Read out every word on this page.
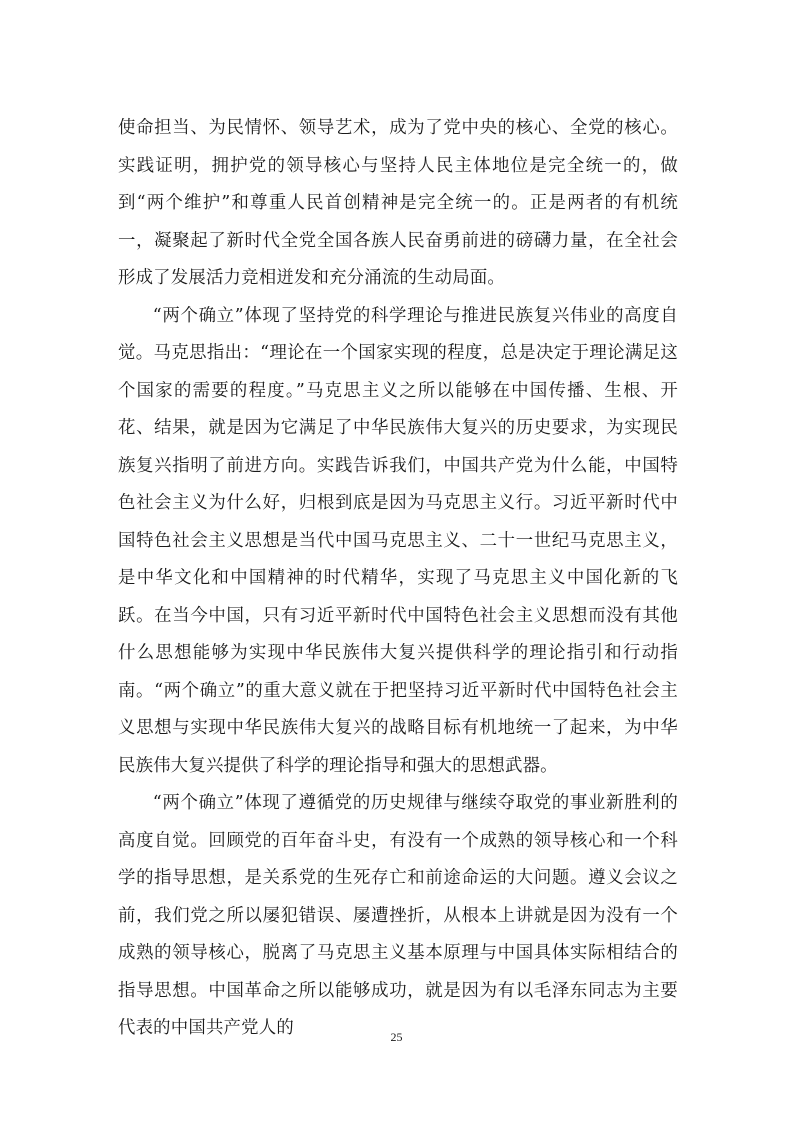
使命担当、为民情怀、领导艺术，成为了党中央的核心、全党的核心。实践证明，拥护党的领导核心与坚持人民主体地位是完全统一的，做到“两个维护”和尊重人民首创精神是完全统一的。正是两者的有机统一，凝聚起了新时代全党全国各族人民奋勇前进的磅礴力量，在全社会形成了发展活力竞相迸发和充分涌流的生动局面。

“两个确立”体现了坚持党的科学理论与推进民族复兴伟业的高度自觉。马克思指出：“理论在一个国家实现的程度，总是决定于理论满足这个国家的需要的程度。”马克思主义之所以能够在中国传播、生根、开花、结果，就是因为它满足了中华民族伟大复兴的历史要求，为实现民族复兴指明了前进方向。实践告诉我们，中国共产党为什么能，中国特色社会主义为什么好，归根到底是因为马克思主义行。习近平新时代中国特色社会主义思想是当代中国马克思主义、二十一世纪马克思主义，是中华文化和中国精神的时代精华，实现了马克思主义中国化新的飞跃。在当今中国，只有习近平新时代中国特色社会主义思想而没有其他什么思想能够为实现中华民族伟大复兴提供科学的理论指引和行动指南。“两个确立”的重大意义就在于把坚持习近平新时代中国特色社会主义思想与实现中华民族伟大复兴的战略目标有机地统一了起来，为中华民族伟大复兴提供了科学的理论指导和强大的思想武器。

“两个确立”体现了遵循党的历史规律与继续夺取党的事业新胜利的高度自觉。回顾党的百年奋斗史，有没有一个成熟的领导核心和一个科学的指导思想，是关系党的生死存亡和前途命运的大问题。遵义会议之前，我们党之所以屡犯错误、屡遭挫折，从根本上讲就是因为没有一个成熟的领导核心，脱离了马克思主义基本原理与中国具体实际相结合的指导思想。中国革命之所以能够成功，就是因为有以毛泽东同志为主要代表的中国共产党人的	25
